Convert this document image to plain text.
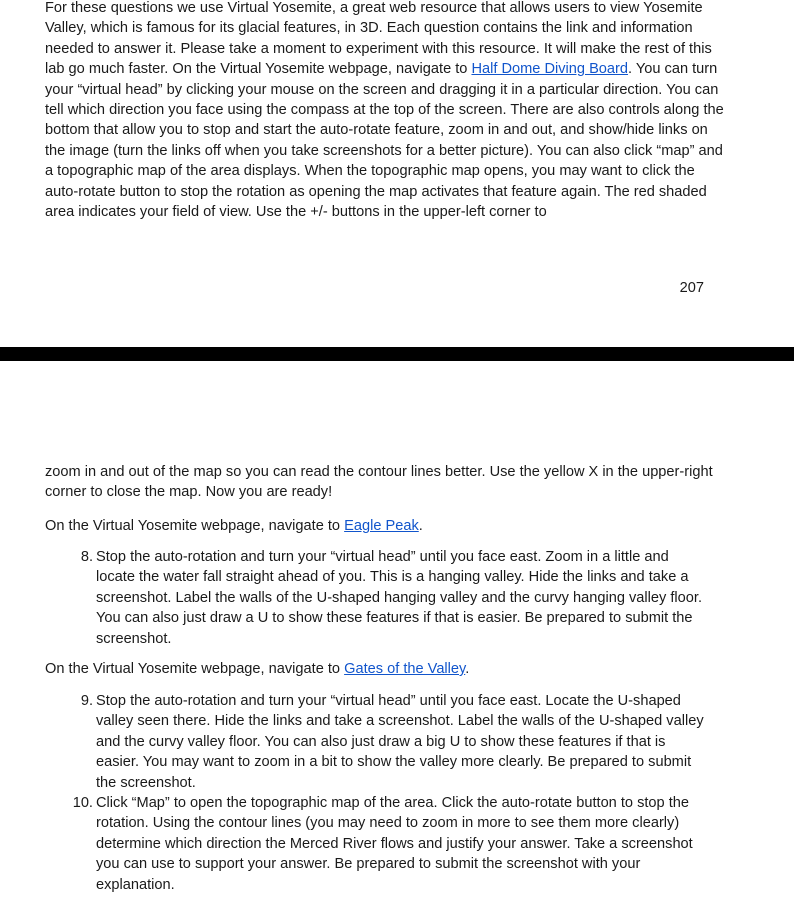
For these questions we use Virtual Yosemite, a great web resource that allows users to view Yosemite Valley, which is famous for its glacial features, in 3D. Each question contains the link and information needed to answer it. Please take a moment to experiment with this resource. It will make the rest of this lab go much faster. On the Virtual Yosemite webpage, navigate to Half Dome Diving Board. You can turn your “virtual head” by clicking your mouse on the screen and dragging it in a particular direction. You can tell which direction you face using the compass at the top of the screen. There are also controls along the bottom that allow you to stop and start the auto-rotate feature, zoom in and out, and show/hide links on the image (turn the links off when you take screenshots for a better picture). You can also click “map” and a topographic map of the area displays. When the topographic map opens, you may want to click the auto-rotate button to stop the rotation as opening the map activates that feature again. The red shaded area indicates your field of view. Use the +/- buttons in the upper-left corner to

207

zoom in and out of the map so you can read the contour lines better. Use the yellow X in the upper-right corner to close the map. Now you are ready!

On the Virtual Yosemite webpage, navigate to Eagle Peak.

8. Stop the auto-rotation and turn your “virtual head” until you face east. Zoom in a little and locate the water fall straight ahead of you. This is a hanging valley. Hide the links and take a screenshot. Label the walls of the U-shaped hanging valley and the curvy hanging valley floor. You can also just draw a U to show these features if that is easier. Be prepared to submit the screenshot.

On the Virtual Yosemite webpage, navigate to Gates of the Valley.

9. Stop the auto-rotation and turn your “virtual head” until you face east. Locate the U-shaped valley seen there. Hide the links and take a screenshot. Label the walls of the U-shaped valley and the curvy valley floor. You can also just draw a big U to show these features if that is easier. You may want to zoom in a bit to show the valley more clearly. Be prepared to submit the screenshot.
10. Click “Map” to open the topographic map of the area. Click the auto-rotate button to stop the rotation. Using the contour lines (you may need to zoom in more to see them more clearly) determine which direction the Merced River flows and justify your answer. Take a screenshot you can use to support your answer. Be prepared to submit the screenshot with your explanation.
